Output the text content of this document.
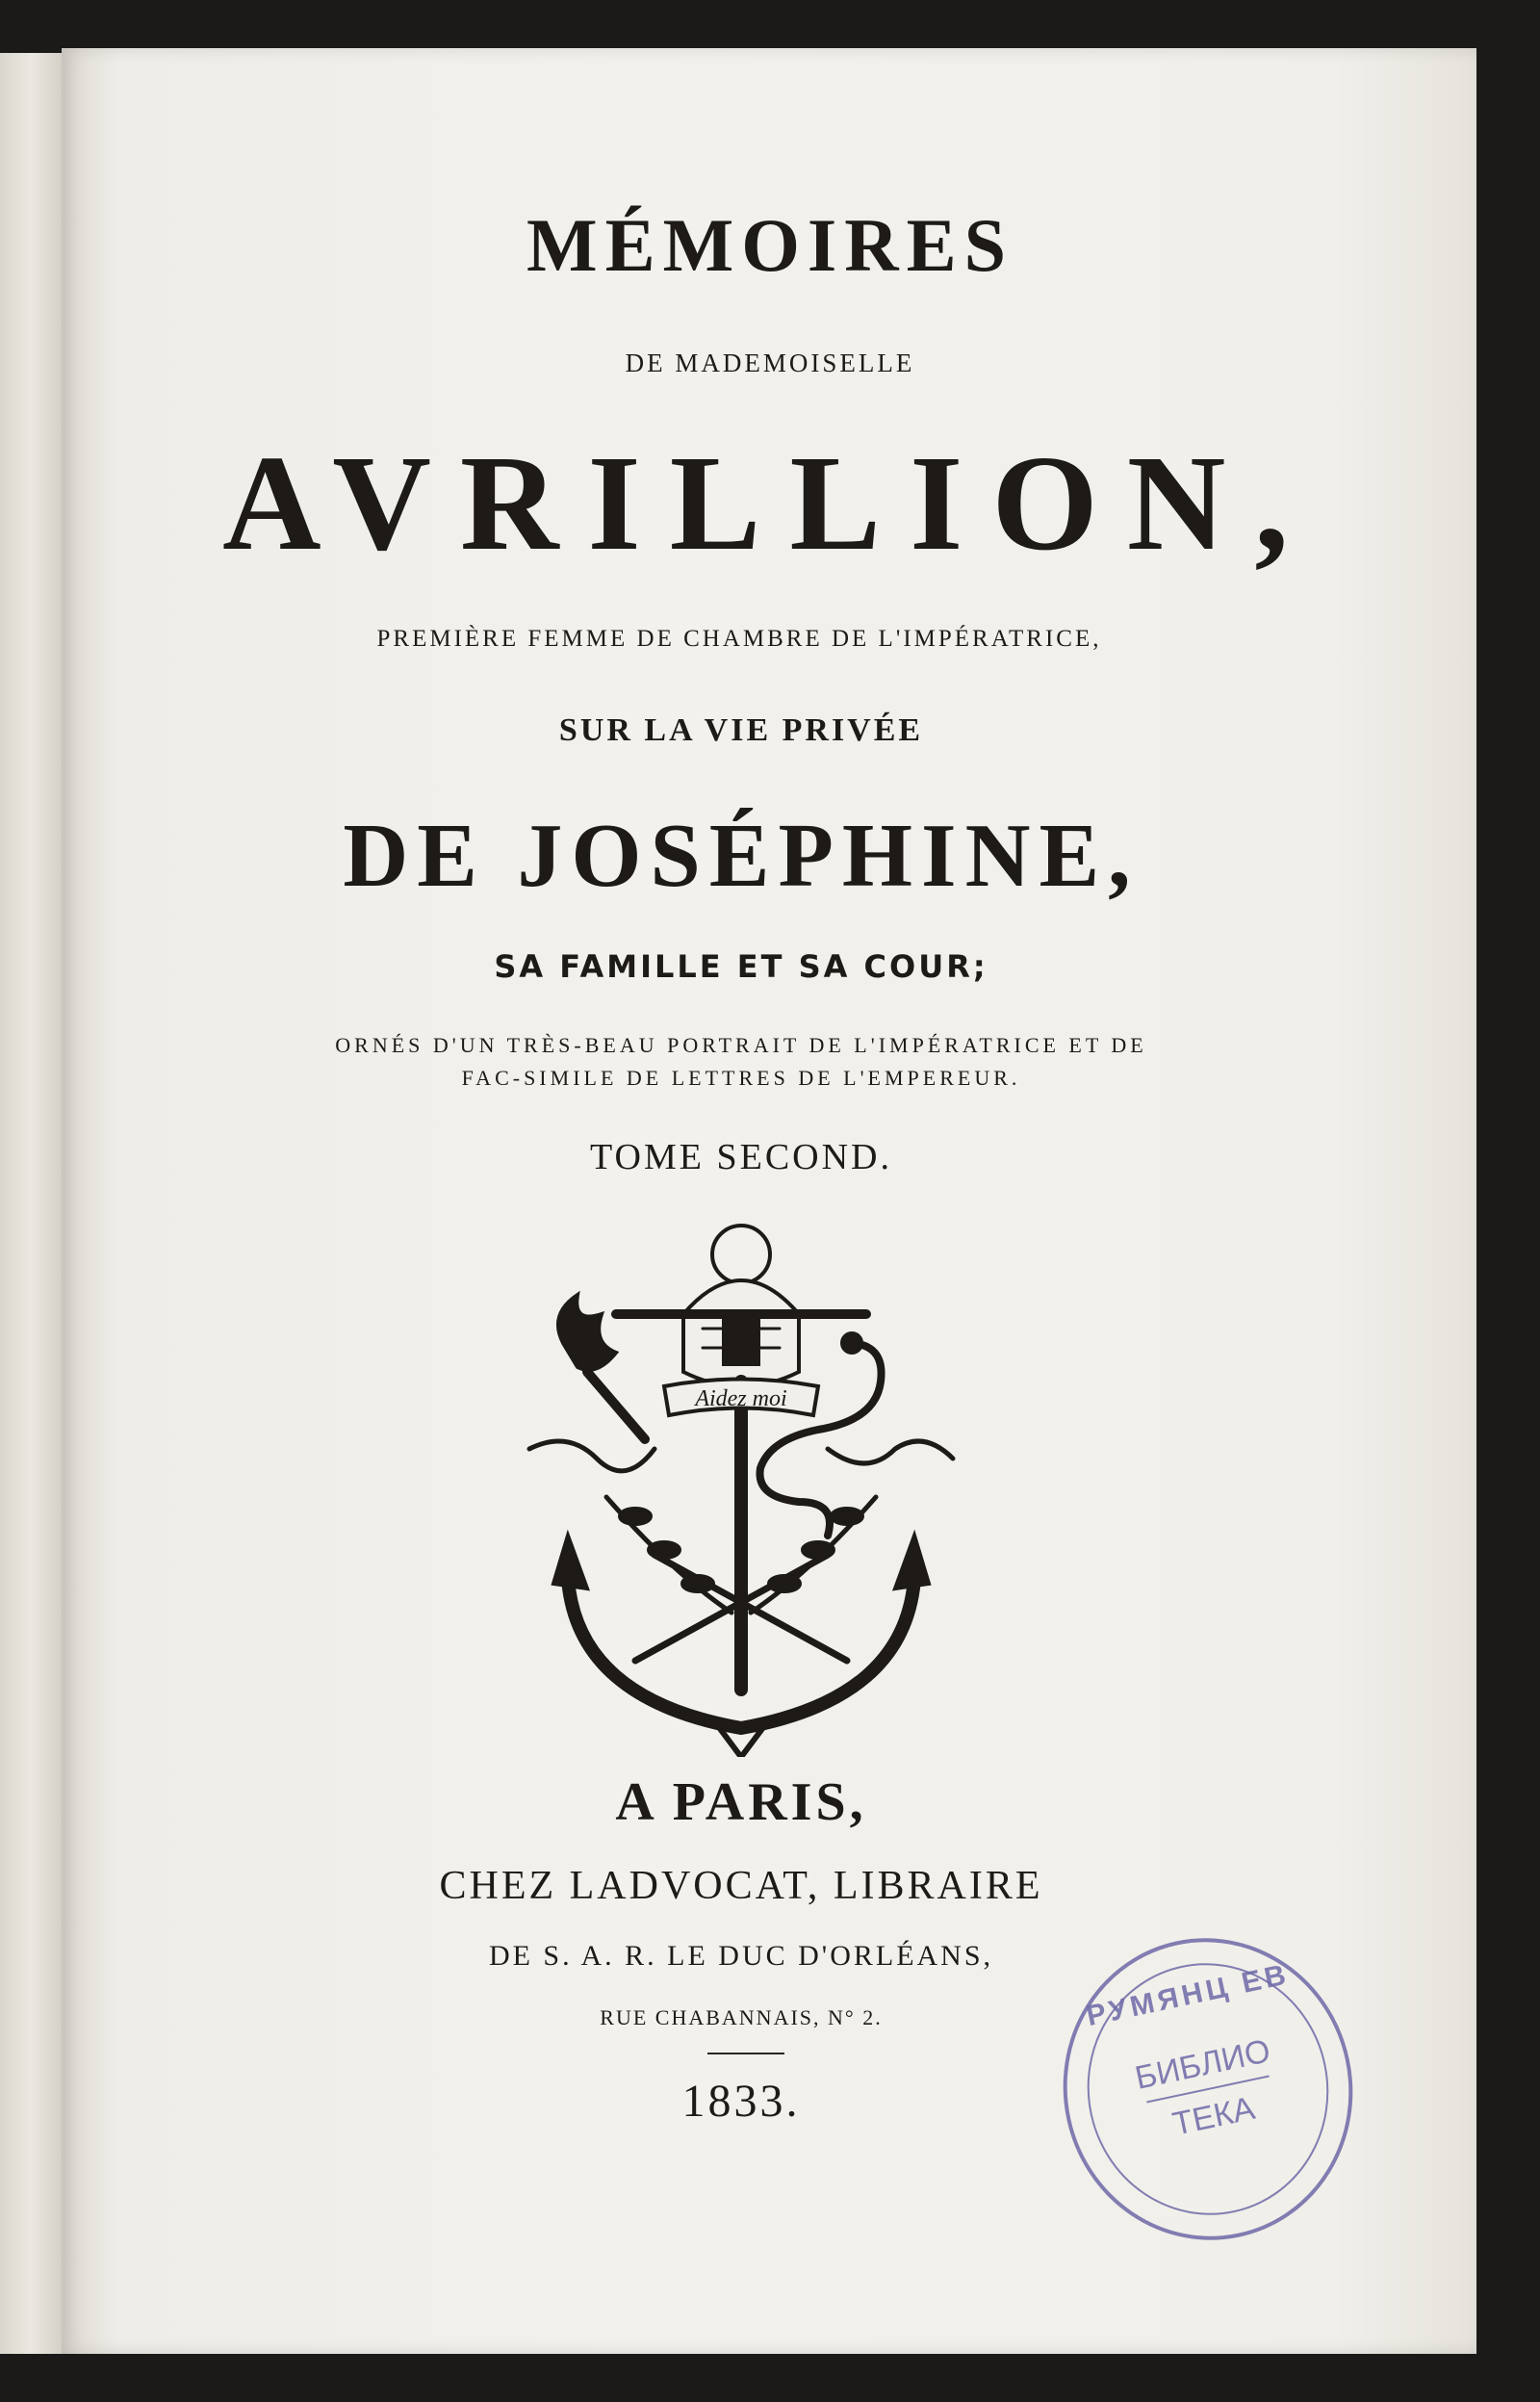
MÉMOIRES
DE MADEMOISELLE
AVRILLION,
PREMIÈRE FEMME DE CHAMBRE DE L'IMPÉRATRICE,
SUR LA VIE PRIVÉE
DE JOSÉPHINE,
SA FAMILLE ET SA COUR;
ORNÉS D'UN TRÈS-BEAU PORTRAIT DE L'IMPÉRATRICE ET DE
FAC-SIMILE DE LETTRES DE L'EMPEREUR.
TOME SECOND.
Aidez moi
A PARIS,
CHEZ LADVOCAT, LIBRAIRE
DE S. A. R. LE DUC D'ORLÉANS,
RUE CHABANNAIS, N° 2.
1833.
РУМЯНЦ ЕВ
БИБЛИО
ТЕКА
